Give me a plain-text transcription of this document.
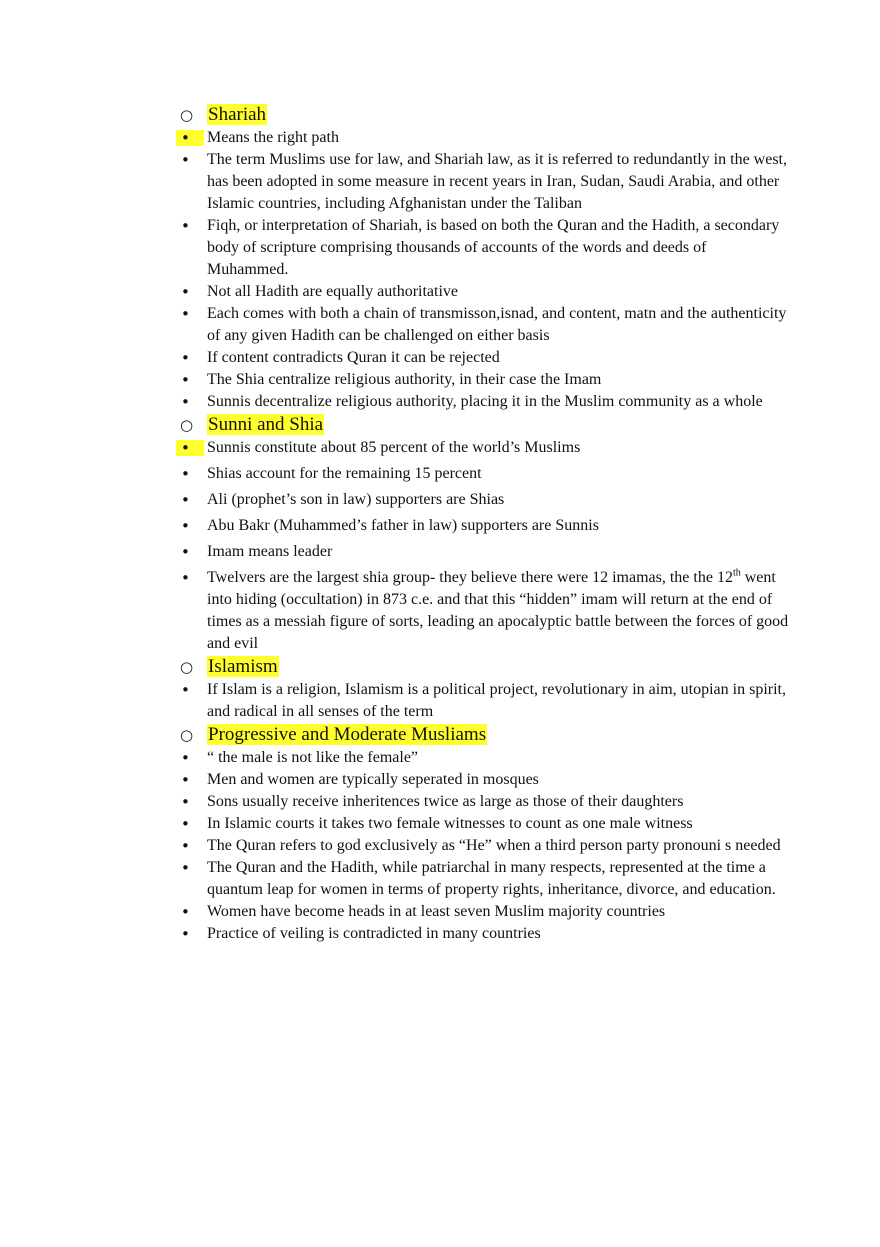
○ Shariah
• Means the right path
• The term Muslims use for law, and Shariah law, as it is referred to redundantly in the west, has been adopted in some measure in recent years in Iran, Sudan, Saudi Arabia, and other Islamic countries, including Afghanistan under the Taliban
• Fiqh, or interpretation of Shariah, is based on both the Quran and the Hadith, a secondary body of scripture comprising thousands of accounts of the words and deeds of Muhammed.
• Not all Hadith are equally authoritative
• Each comes with both a chain of transmisson,isnad, and content, matn and the authenticity of any given Hadith can be challenged on either basis
• If content contradicts Quran it can be rejected
• The Shia centralize religious authority, in their case the Imam
• Sunnis decentralize religious authority, placing it in the Muslim community as a whole
○ Sunni and Shia
• Sunnis constitute about 85 percent of the world’s Muslims
• Shias account for the remaining 15 percent
• Ali (prophet’s son in law) supporters are Shias
• Abu Bakr (Muhammed’s father in law) supporters are Sunnis
• Imam means leader
• Twelvers are the largest shia group- they believe there were 12 imamas, the the 12th went into hiding (occultation) in 873 c.e. and that this “hidden” imam will return at the end of times as a messiah figure of sorts, leading an apocalyptic battle between the forces of good and evil
○ Islamism
• If Islam is a religion, Islamism is a political project, revolutionary in aim, utopian in spirit, and radical in all senses of the term
○ Progressive and Moderate Musliams
• “ the male is not like the female”
• Men and women are typically seperated in mosques
• Sons usually receive inheritences twice as large as those of their daughters
• In Islamic courts it takes two female witnesses to count as one male witness
• The Quran refers to god exclusively as “He” when a third person party pronouni s needed
• The Quran and the Hadith, while patriarchal in many respects, represented at the time a quantum leap for women in terms of property rights, inheritance, divorce, and education.
• Women have become heads in at least seven Muslim majority countries
• Practice of veiling is contradicted in many countries
